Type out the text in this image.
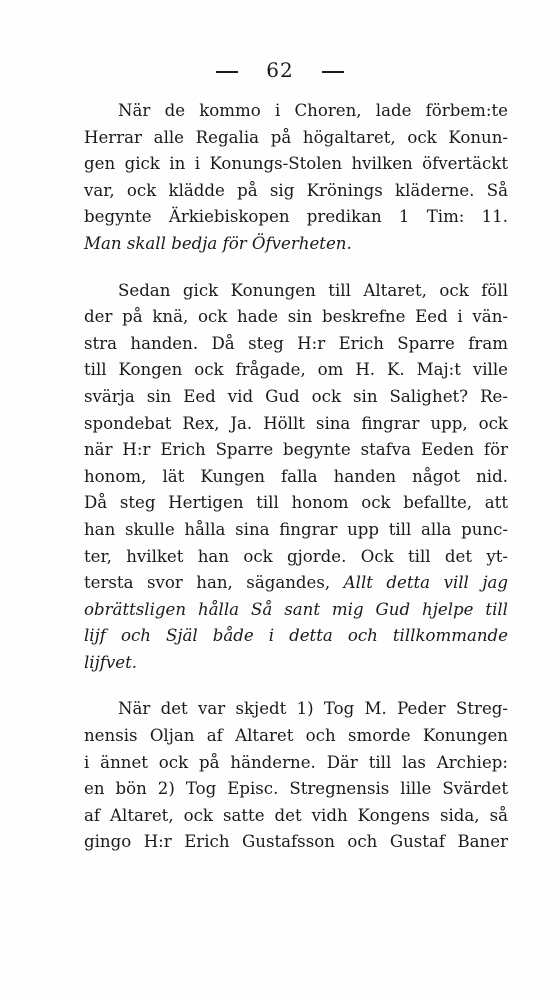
62

När de kommo i Choren, lade förbem:te
Herrar alle Regalia på högaltaret, ock Konun-
gen gick in i Konungs-Stolen hvilken öfvertäckt
var, ock klädde på sig Krönings kläderne. Så
begynte Ärkiebiskopen predikan 1 Tim: 11.
Man skall bedja för Öfverheten.

Sedan gick Konungen till Altaret, ock föll
der på knä, ock hade sin beskrefne Eed i vän-
stra handen. Då steg H:r Erich Sparre fram
till Kongen ock frågade, om H. K. Maj:t ville
svärja sin Eed vid Gud ock sin Salighet? Re-
spondebat Rex, Ja. Höllt sina fingrar upp, ock
när H:r Erich Sparre begynte stafva Eeden för
honom, lät Kungen falla handen något nid.
Då steg Hertigen till honom ock befallte, att
han skulle hålla sina fingrar upp till alla punc-
ter, hvilket han ock gjorde. Ock till det yt-
tersta svor han, sägandes, Allt detta vill jag
obrättsligen hålla Så sant mig Gud hjelpe till
lijf och Själ både i detta och tillkommande
lijfvet.

När det var skjedt 1) Tog M. Peder Streg-
nensis Oljan af Altaret och smorde Konungen
i ännet ock på händerne. Där till las Archiep:
en bön 2) Tog Episc. Stregnensis lille Svärdet
af Altaret, ock satte det vidh Kongens sida, så
gingo H:r Erich Gustafsson och Gustaf Baner
